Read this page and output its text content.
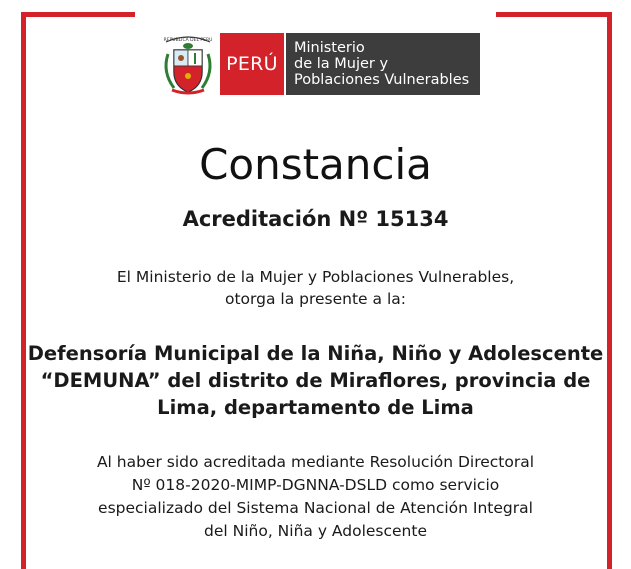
REPUBLICA DEL PERU
PERÚ
Ministerio
de la Mujer y
Poblaciones Vulnerables
Constancia
Acreditación Nº 15134
El Ministerio de la Mujer y Poblaciones Vulnerables,
otorga la presente a la:
Defensoría Municipal de la Niña, Niño y Adolescente
“DEMUNA” del distrito de Miraflores, provincia de
Lima, departamento de Lima
Al haber sido acreditada mediante Resolución Directoral
Nº 018-2020-MIMP-DGNNA-DSLD como servicio
especializado del Sistema Nacional de Atención Integral
del Niño, Niña y Adolescente
